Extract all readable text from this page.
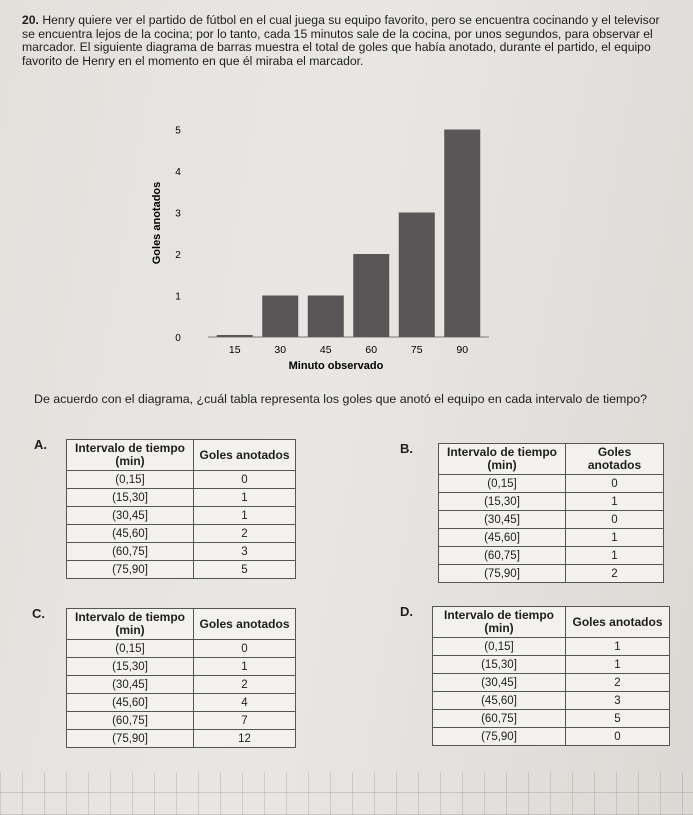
20. Henry quiere ver el partido de fútbol en el cual juega su equipo favorito, pero se encuentra cocinando y el televisor se encuentra lejos de la cocina; por lo tanto, cada 15 minutos sale de la cocina, por unos segundos, para observar el marcador. El siguiente diagrama de barras muestra el total de goles que había anotado, durante el partido, el equipo favorito de Henry en el momento en que él miraba el marcador.
Goles anotados
Minuto observado
0
1
2
3
4
5
15	30	45	60	75	90
De acuerdo con el diagrama, ¿cuál tabla representa los goles que anotó el equipo en cada intervalo de tiempo?
A. Intervalo de tiempo (min)	Goles anotados
(0,15]	0
(15,30]	1
(30,45]	1
(45,60]	2
(60,75]	3
(75,90]	5
B.	Intervalo de tiempo (min)	Goles anotados
(0,15]	0
(15,30]	1
(30,45]	0
(45,60]	1
(60,75]	1
(75,90]	2
C. Intervalo de tiempo (min)	Goles anotados
(0,15]	0
(15,30]	1
(30,45]	2
(45,60]	4
(60,75]	7
(75,90]	12
D.	Intervalo de tiempo (min)	Goles anotados
(0,15]	1
(15,30]	1
(30,45]	2
(45,60]	3
(60,75]	5
(75,90]	0
